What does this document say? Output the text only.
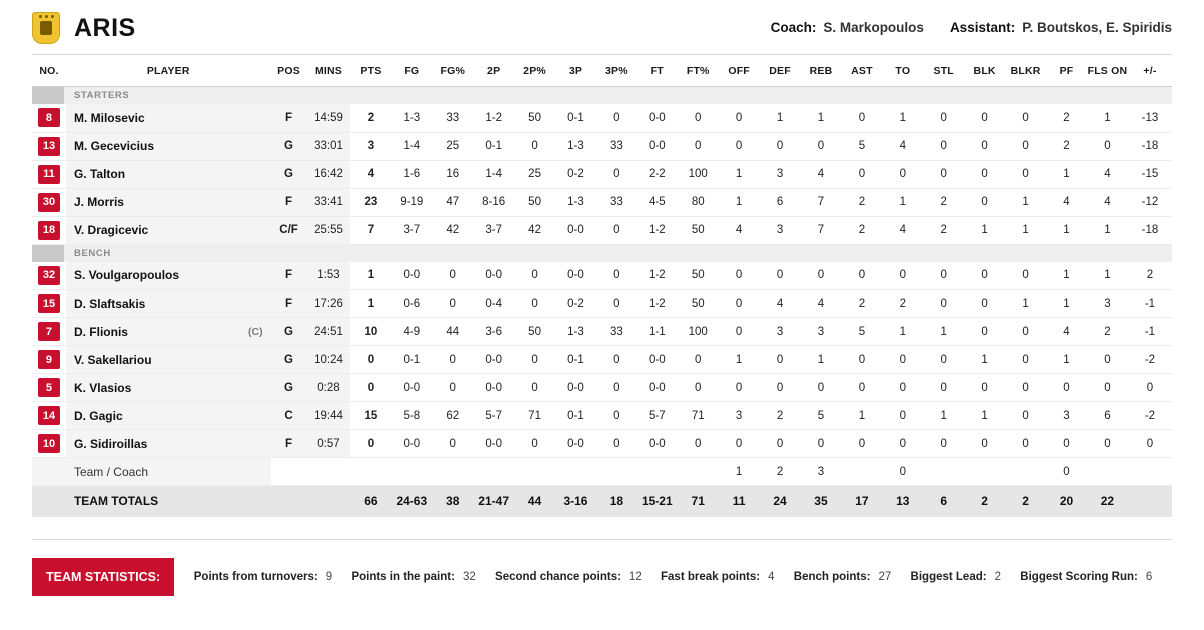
ARIS	Coach: S. Markopoulos Assistant: P. Boutskos, E. Spiridis
NO.	PLAYER	POS	MINS	PTS	FG	FG%	2P	2P%	3P	3P%	FT	FT%	OFF	DEF	REB	AST	TO	STL	BLK	BLKR	PF	FLS ON	+/-

STARTERS																							

8	M. Milosevic	F	14:59	2	1-3	33	1-2	50	0-1	0	0-0	0	0	1	1	0	1	0	0	0	2	1	-13
13	M. Gecevicius	G	33:01	3	1-4	25	0-1	0	1-3	33	0-0	0	0	0	0	5	4	0	0	0	2	0	-18
11	G. Talton	G	16:42	4	1-6	16	1-4	25	0-2	0	2-2	100	1	3	4	0	0	0	0	0	1	4	-15
30	J. Morris	F	33:41	23	9-19	47	8-16	50	1-3	33	4-5	80	1	6	7	2	1	2	0	1	4	4	-12
18	V. Dragicevic	C/F	25:55	7	3-7	42	3-7	42	0-0	0	1-2	50	4	3	7	2	4	2	1	1	1	1	-18

BENCH																							

32	S. Voulgaropoulos	F	1:53	1	0-0	0	0-0	0	0-0	0	1-2	50	0	0	0	0	0	0	0	0	1	1	2
15	D. Slaftsakis	F	17:26	1	0-6	0	0-4	0	0-2	0	1-2	50	0	4	4	2	2	0	0	1	1	3	-1
7	D. Flionis (C)	G	24:51	10	4-9	44	3-6	50	1-3	33	1-1	100	0	3	3	5	1	1	0	0	4	2	-1
9	V. Sakellariou	G	10:24	0	0-1	0	0-0	0	0-1	0	0-0	0	1	0	1	0	0	0	1	0	1	0	-2
5	K. Vlasios	G	0:28	0	0-0	0	0-0	0	0-0	0	0-0	0	0	0	0	0	0	0	0	0	0	0	0
14	D. Gagic	C	19:44	15	5-8	62	5-7	71	0-1	0	5-7	71	3	2	5	1	0	1	1	0	3	6	-2
10	G. Sidiroillas	F	0:57	0	0-0	0	0-0	0	0-0	0	0-0	0	0	0	0	0	0	0	0	0	0	0	0
	Team / Coach												1	2	3		0				0		
	TEAM TOTALS			66	24-63	38	21-47	44	3-16	18	15-21	71	11	24	35	17	13	6	2	2	20	22	
TEAM STATISTICS:	Points from turnovers: 9 Points in the paint: 32 Second chance points: 12 Fast break points: 4 Bench points: 27 Biggest Lead: 2 Biggest Scoring Run: 6
